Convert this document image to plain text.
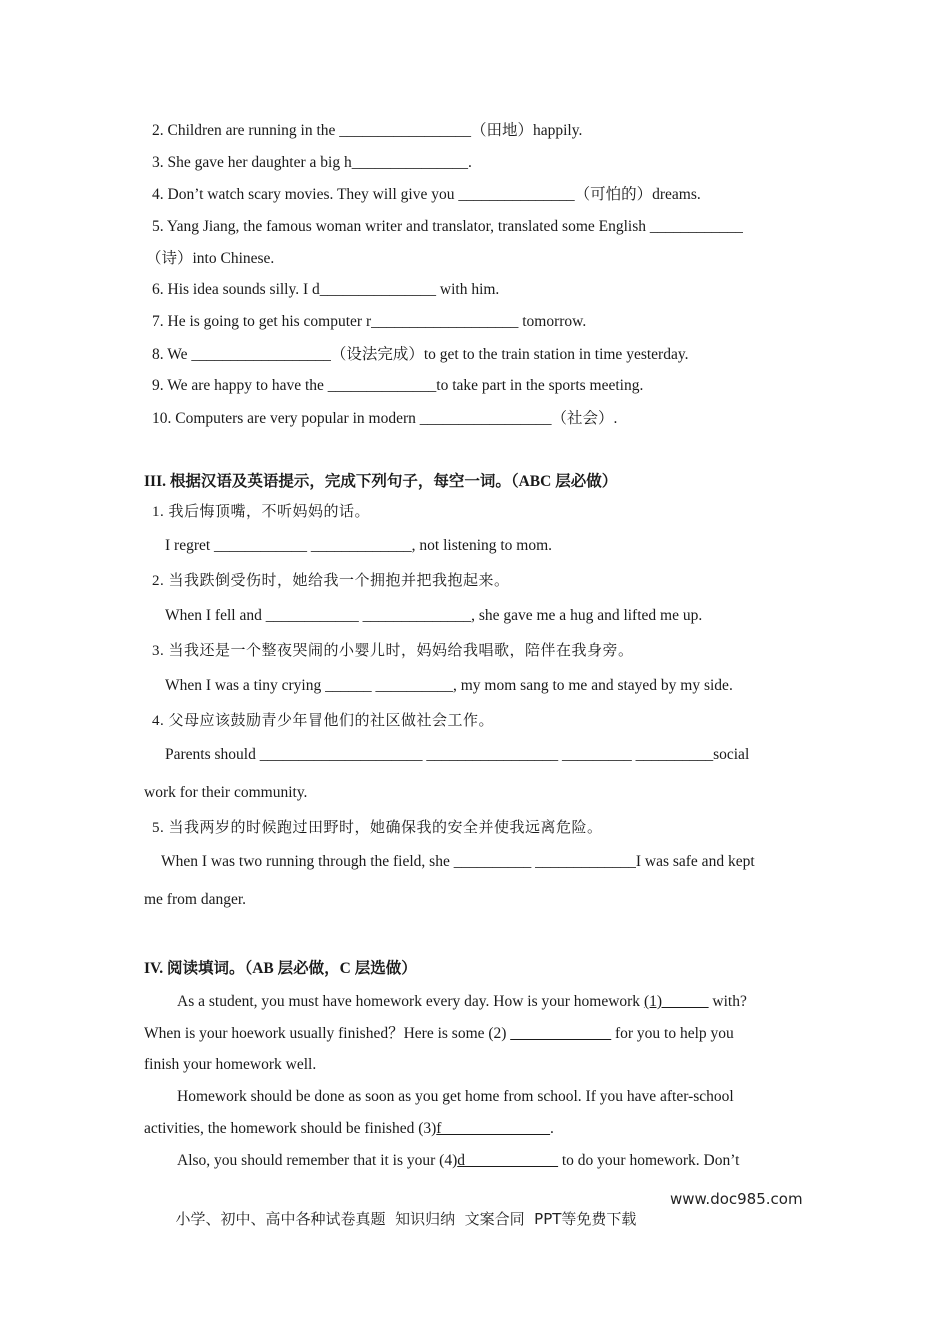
2. Children are running in the _________________（田地）happily.
3. She gave her daughter a big h_______________.
4. Don’t watch scary movies. They will give you _______________（可怕的）dreams.
5. Yang Jiang, the famous woman writer and translator, translated some English ____________
（诗）into Chinese.
6. His idea sounds silly. I d_______________ with him.
7. He is going to get his computer r___________________ tomorrow.
8. We __________________（设法完成）to get to the train station in time yesterday.
9. We are happy to have the ______________to take part in the sports meeting.
10. Computers are very popular in modern _________________（社会）.
III. 根据汉语及英语提示，完成下列句子，每空一词。（ABC 层必做）
1. 我后悔顶嘴，不听妈妈的话。
I regret ____________ _____________, not listening to mom.
2. 当我跌倒受伤时，她给我一个拥抱并把我抱起来。
When I fell and ____________ ______________, she gave me a hug and lifted me up.
3. 当我还是一个整夜哭闹的小婴儿时，妈妈给我唱歌，陪伴在我身旁。
When I was a tiny crying ______ __________, my mom sang to me and stayed by my side.
4. 父母应该鼓励青少年冒他们的社区做社会工作。
Parents should _____________________ _________________ _________ __________social
work for their community.
5. 当我两岁的时候跑过田野时，她确保我的安全并使我远离危险。
When I was two running through the field, she __________ _____________I was safe and kept
me from danger.
IV. 阅读填词。（AB 层必做，C 层选做）
As a student, you must have homework every day. How is your homework (1)______ with?
When is your hoework usually finished？Here is some (2) _____________ for you to help you
finish your homework well.
Homework should be done as soon as you get home from school. If you have after-school
activities, the homework should be finished (3)f______________.
Also, you should remember that it is your (4)d____________ to do your homework. Don’t

小学、初中、高中各种试卷真题  知识归纳  文案合同  PPT等免费下载

www.doc985.com
